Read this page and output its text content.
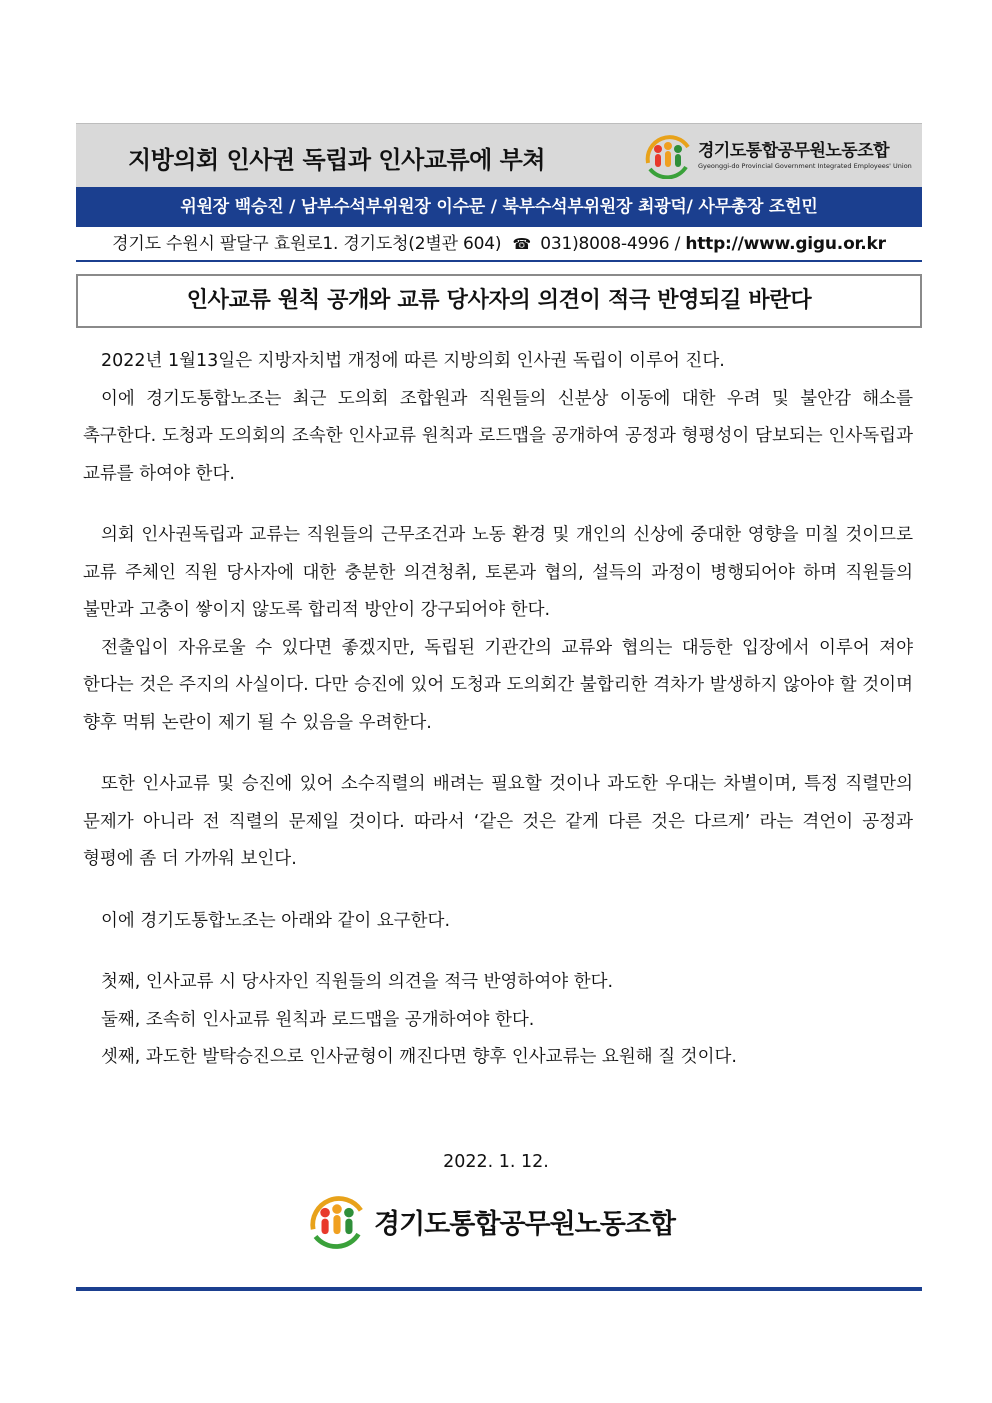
지방의회 인사권 독립과 인사교류에 부쳐	경기도통합공무원노동조합
Gyeonggi-do Provincial Government Integrated Employees' Union
위원장 백승진 / 남부수석부위원장 이수문 / 북부수석부위원장 최광덕/ 사무총장 조헌민
경기도 수원시 팔달구 효원로1. 경기도청(2별관 604) ☎ 031)8008-4996 / http://www.gigu.or.kr
인사교류 원칙 공개와 교류 당사자의 의견이 적극 반영되길 바란다

2022년 1월13일은 지방자치법 개정에 따른 지방의회 인사권 독립이 이루어 진다.

이에 경기도통합노조는 최근 도의회 조합원과 직원들의 신분상 이동에 대한 우려 및 불안감 해소를 촉구한다. 도청과 도의회의 조속한 인사교류 원칙과 로드맵을 공개하여 공정과 형평성이 담보되는 인사독립과 교류를 하여야 한다.

의회 인사권독립과 교류는 직원들의 근무조건과 노동 환경 및 개인의 신상에 중대한 영향을 미칠 것이므로 교류 주체인 직원 당사자에 대한 충분한 의견청취, 토론과 협의, 설득의 과정이 병행되어야 하며 직원들의 불만과 고충이 쌓이지 않도록 합리적 방안이 강구되어야 한다.

전출입이 자유로울 수 있다면 좋겠지만, 독립된 기관간의 교류와 협의는 대등한 입장에서 이루어 져야 한다는 것은 주지의 사실이다. 다만 승진에 있어 도청과 도의회간 불합리한 격차가 발생하지 않아야 할 것이며 향후 먹튀 논란이 제기 될 수 있음을 우려한다.

또한 인사교류 및 승진에 있어 소수직렬의 배려는 필요할 것이나 과도한 우대는 차별이며, 특정 직렬만의 문제가 아니라 전 직렬의 문제일 것이다. 따라서 ‘같은 것은 같게 다른 것은 다르게’ 라는 격언이 공정과 형평에 좀 더 가까워 보인다.

이에 경기도통합노조는 아래와 같이 요구한다.

첫째, 인사교류 시 당사자인 직원들의 의견을 적극 반영하여야 한다.

둘째, 조속히 인사교류 원칙과 로드맵을 공개하여야 한다.

셋째, 과도한 발탁승진으로 인사균형이 깨진다면 향후 인사교류는 요원해 질 것이다.

2022. 1. 12.
경기도통합공무원노동조합
